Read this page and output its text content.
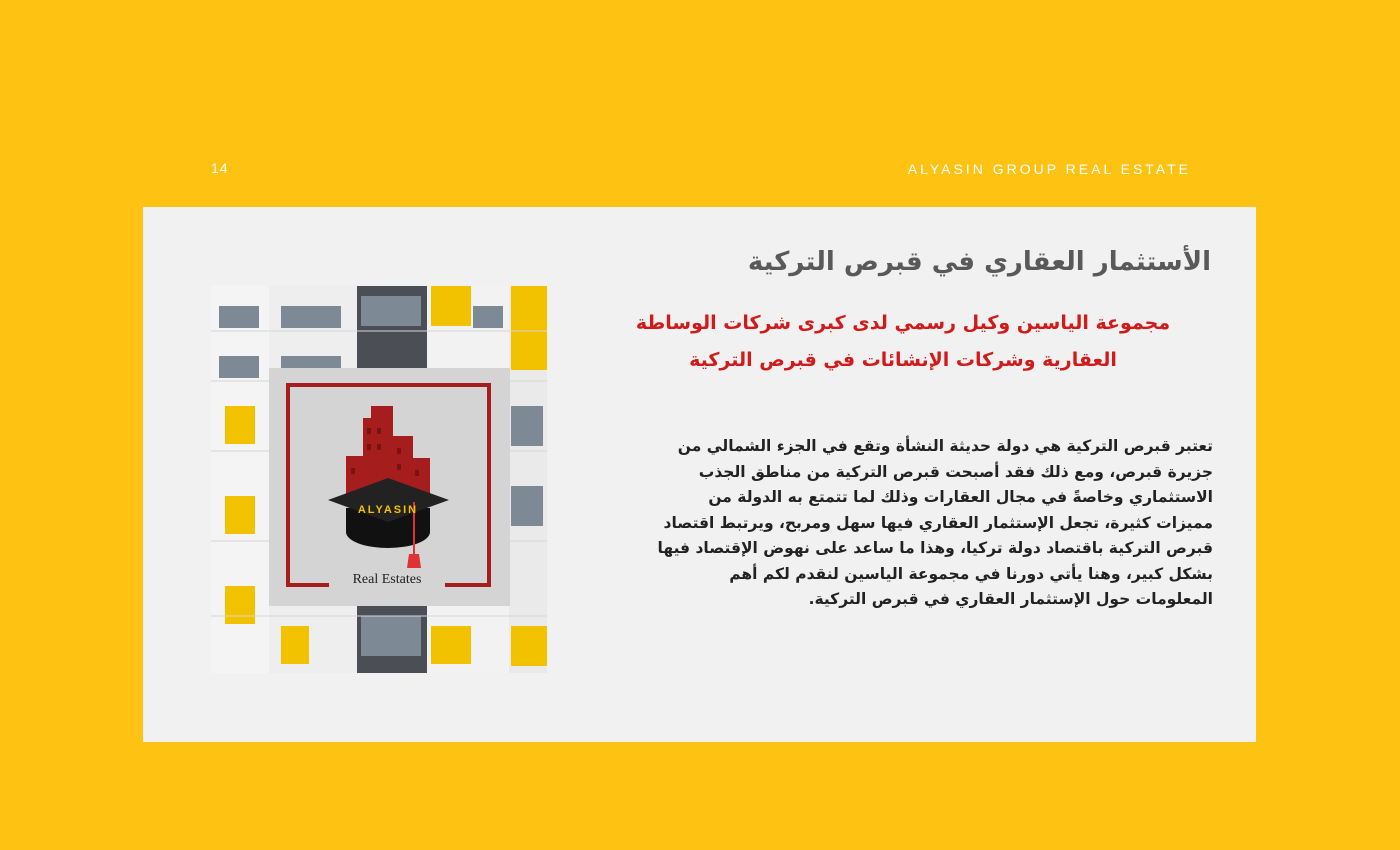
14	ALYASIN GROUP REAL ESTATE
ALYASIN
Real Estates
الأستثمار العقاري في قبرص التركية

مجموعة الياسين وكيل رسمي لدى كبرى شركات الوساطة العقارية وشركات الإنشائات في قبرص التركية

تعتبر قبرص التركية هي دولة حديثة النشأة وتقع في الجزء الشمالي من جزيرة قبرص، ومع ذلك فقد أصبحت قبرص التركية من مناطق الجذب الاستثماري وخاصةً في مجال العقارات وذلك لما تتمتع به الدولة من مميزات كثيرة، تجعل الإستثمار العقاري فيها سهل ومربح، ويرتبط اقتصاد قبرص التركية باقتصاد دولة تركيا، وهذا ما ساعد على نهوض الإقتصاد فيها بشكل كبير، وهنا يأتي دورنا في مجموعة الياسين لنقدم لكم أهم المعلومات حول الإستثمار العقاري في قبرص التركية.
